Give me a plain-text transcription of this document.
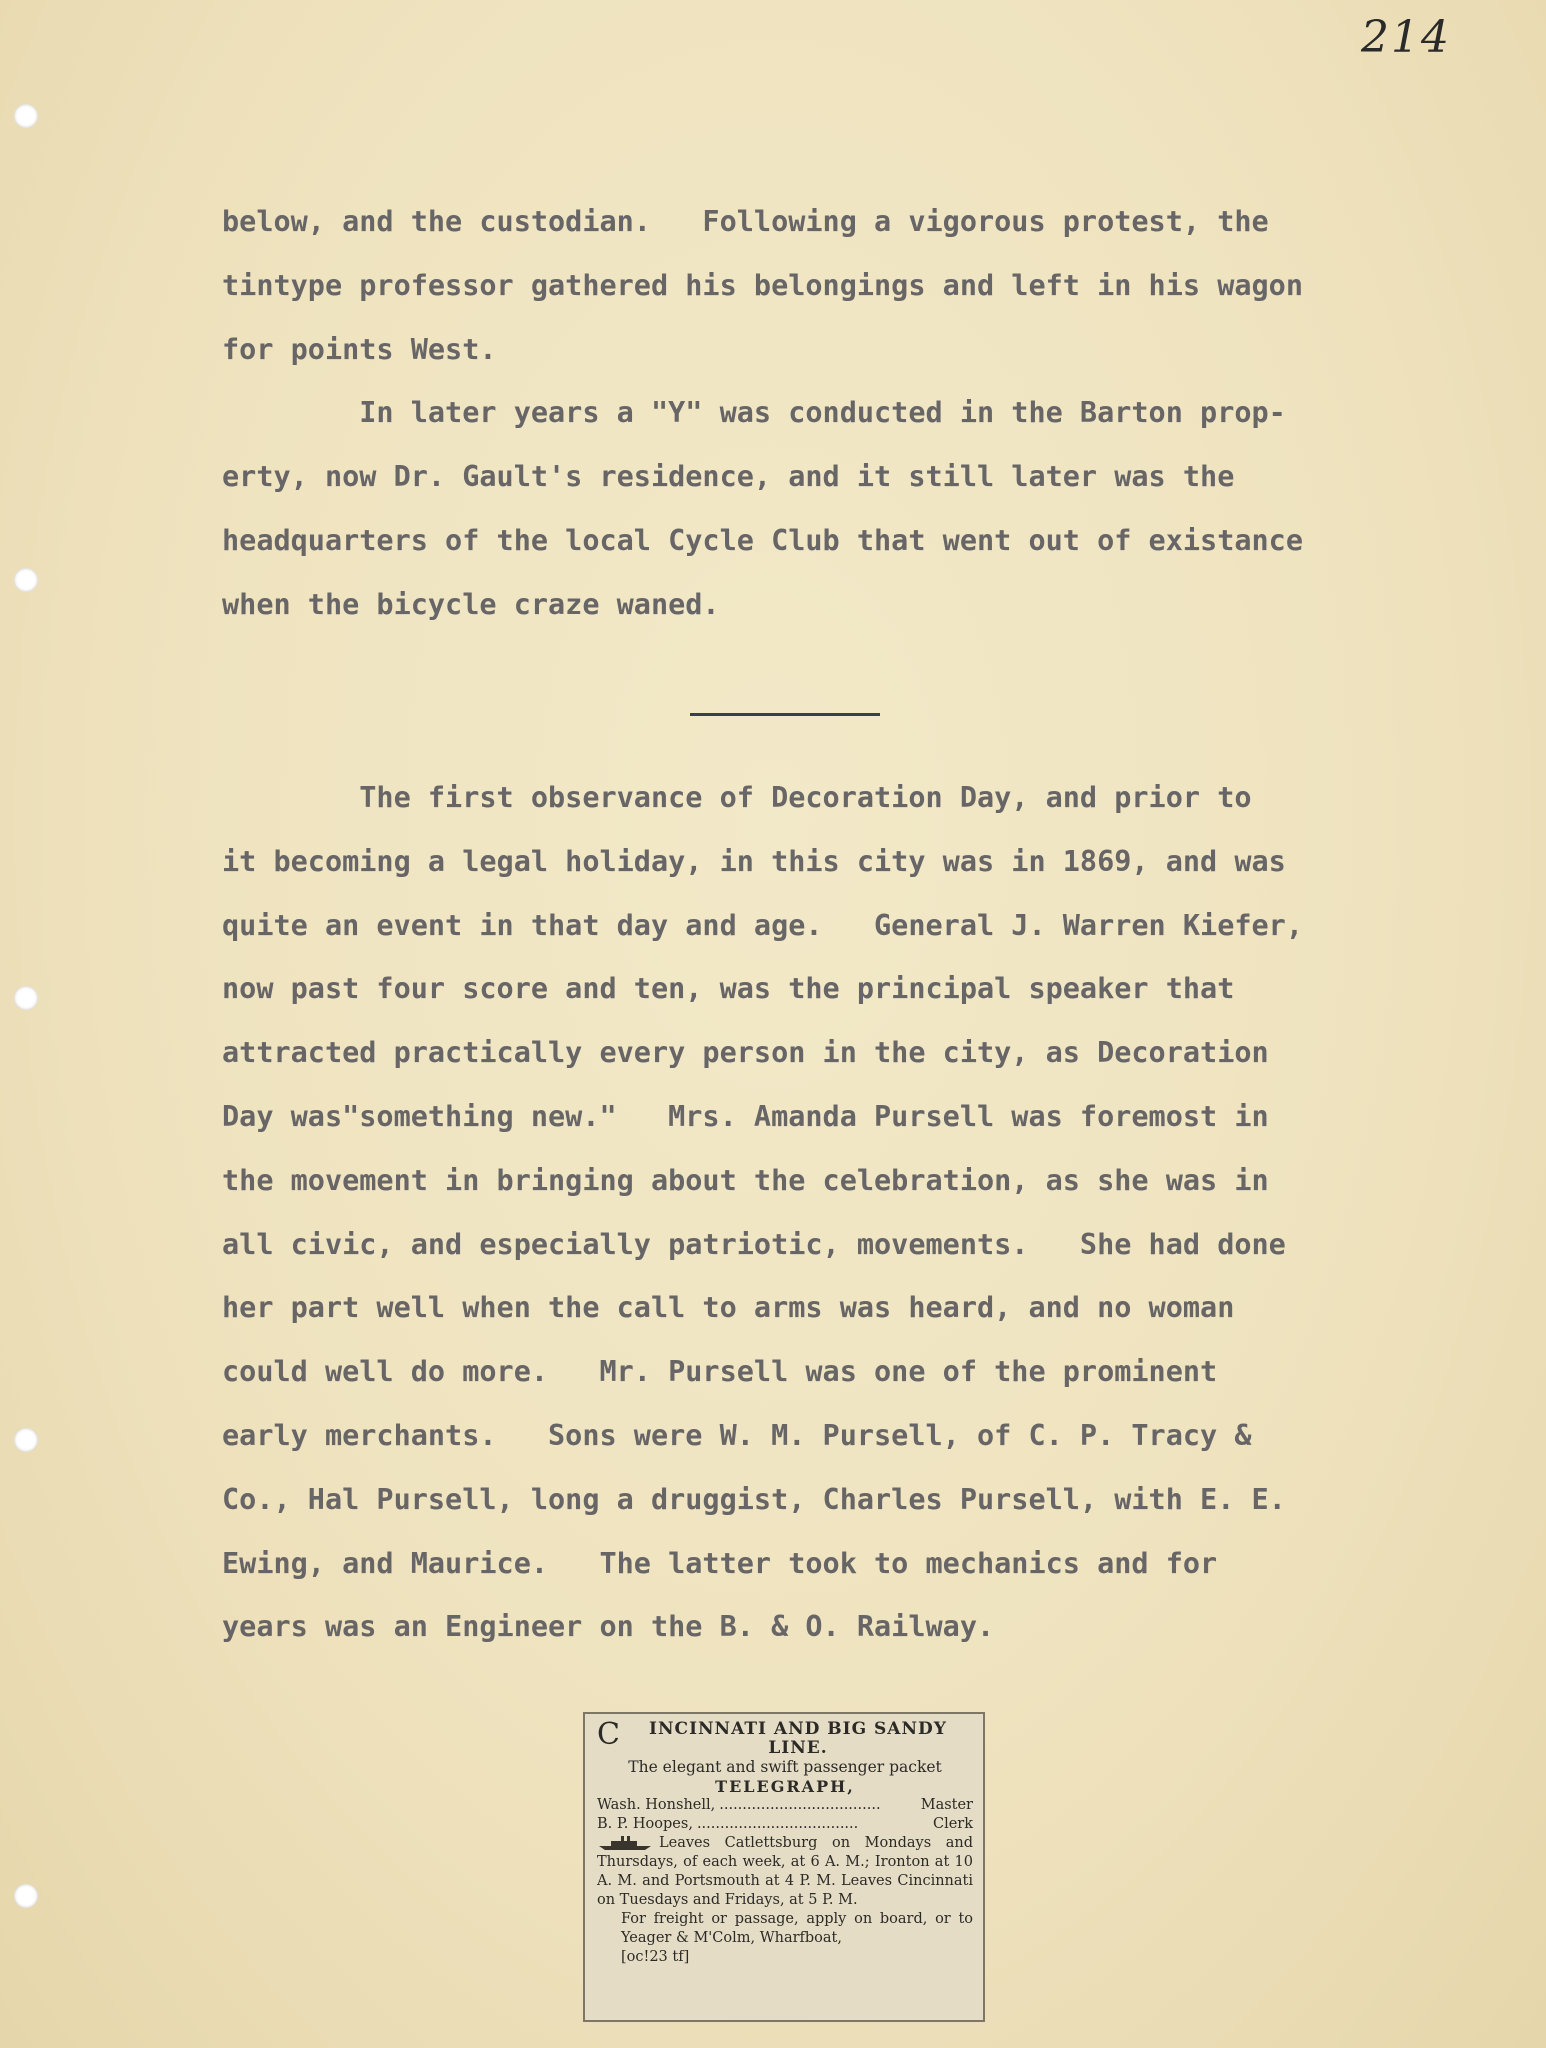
214

below, and the custodian.   Following a vigorous protest, the

tintype professor gathered his belongings and left in his wagon

for points West.

In later years a "Y" was conducted in the Barton prop-

erty, now Dr. Gault's residence, and it still later was the

headquarters of the local Cycle Club that went out of existance

when the bicycle craze waned.

The first observance of Decoration Day, and prior to

it becoming a legal holiday, in this city was in 1869, and was

quite an event in that day and age.   General J. Warren Kiefer,

now past four score and ten, was the principal speaker that

attracted practically every person in the city, as Decoration

Day was"something new."   Mrs. Amanda Pursell was foremost in

the movement in bringing about the celebration, as she was in

all civic, and especially patriotic, movements.   She had done

her part well when the call to arms was heard, and no woman

could well do more.   Mr. Pursell was one of the prominent

early merchants.   Sons were W. M. Pursell, of C. P. Tracy &

Co., Hal Pursell, long a druggist, Charles Pursell, with E. E.

Ewing, and Maurice.   The latter took to mechanics and for

years was an Engineer on the B. & O. Railway.

C INCINNATI AND BIG SANDY
LINE.
The elegant and swift passenger packet
TELEGRAPH,
Wash. Honshell, ...................................	Master
B. P. Hoopes, ...................................	Clerk
Leaves Catlettsburg on Mondays and Thursdays, of each week, at 6 A. M.; Ironton at 10 A. M. and Portsmouth at 4 P. M. Leaves Cincinnati on Tuesdays and Fridays, at 5 P. M.
For freight or passage, apply on board, or to Yeager & M'Colm, Wharfboat,
[oc!23 tf]
